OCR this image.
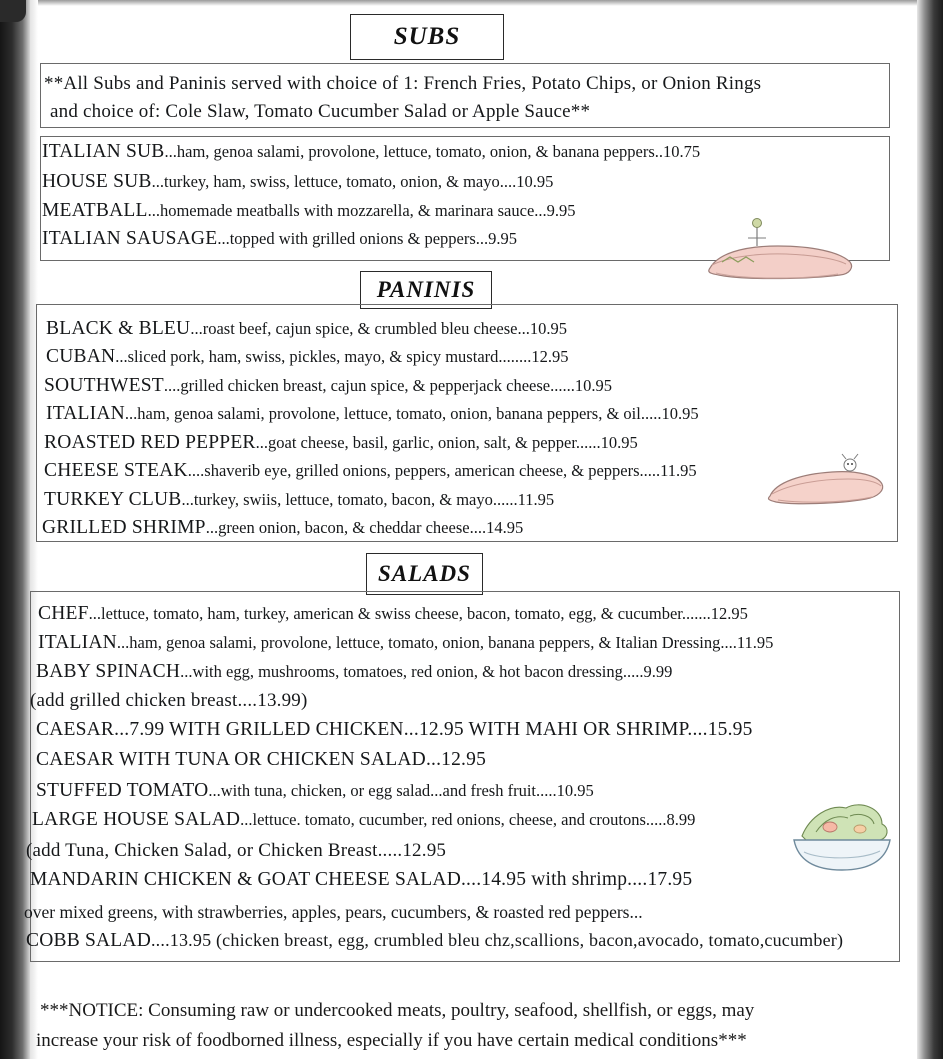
SUBS
**All Subs and Paninis served with choice of 1: French Fries, Potato Chips, or Onion Rings
and choice of: Cole Slaw, Tomato Cucumber Salad or Apple Sauce**
ITALIAN SUB...ham, genoa salami, provolone, lettuce, tomato, onion, & banana peppers..10.75
HOUSE SUB...turkey, ham, swiss, lettuce, tomato, onion, & mayo....10.95
MEATBALL...homemade meatballs with mozzarella, & marinara sauce...9.95
ITALIAN SAUSAGE...topped with grilled onions & peppers...9.95
PANINIS
BLACK & BLEU...roast beef, cajun spice, & crumbled bleu cheese...10.95
CUBAN...sliced pork, ham, swiss, pickles, mayo, & spicy mustard........12.95
SOUTHWEST....grilled chicken breast, cajun spice, & pepperjack cheese......10.95
ITALIAN...ham, genoa salami, provolone, lettuce, tomato, onion, banana peppers, & oil.....10.95
ROASTED RED PEPPER...goat cheese, basil, garlic, onion, salt, & pepper......10.95
CHEESE STEAK....shaverib eye, grilled onions, peppers, american cheese, & peppers.....11.95
TURKEY CLUB...turkey, swiis, lettuce, tomato, bacon, & mayo......11.95
GRILLED SHRIMP...green onion, bacon, & cheddar cheese....14.95
SALADS
CHEF...lettuce, tomato, ham, turkey, american & swiss cheese, bacon, tomato, egg, & cucumber.......12.95
ITALIAN...ham, genoa salami, provolone, lettuce, tomato, onion, banana peppers, & Italian Dressing....11.95
BABY SPINACH...with egg, mushrooms, tomatoes, red onion, & hot bacon dressing.....9.99
(add grilled chicken breast....13.99)
CAESAR...7.99 WITH GRILLED CHICKEN...12.95 WITH MAHI OR SHRIMP....15.95
CAESAR WITH TUNA OR CHICKEN SALAD...12.95
STUFFED TOMATO...with tuna, chicken, or egg salad...and fresh fruit.....10.95
LARGE HOUSE SALAD...lettuce. tomato, cucumber, red onions, cheese, and croutons.....8.99
(add Tuna, Chicken Salad, or Chicken Breast.....12.95
MANDARIN CHICKEN & GOAT CHEESE SALAD....14.95 with shrimp....17.95
over mixed greens, with strawberries, apples, pears, cucumbers, & roasted red peppers...
COBB SALAD....13.95 (chicken breast, egg, crumbled bleu chz,scallions, bacon,avocado, tomato,cucumber)
***NOTICE: Consuming raw or undercooked meats, poultry, seafood, shellfish, or eggs, may
increase your risk of foodborned illness, especially if you have certain medical conditions***
